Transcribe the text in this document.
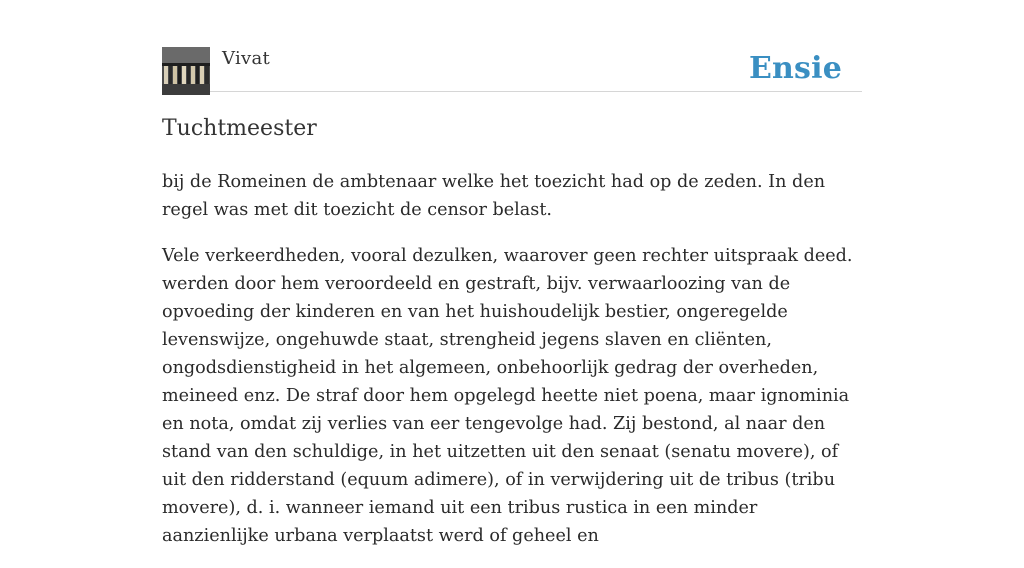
Vivat	Ensie
Tuchtmeester

bij de Romeinen de ambtenaar welke het toezicht had op de zeden. In den regel was met dit toezicht de censor belast.

Vele verkeerdheden, vooral dezulken, waarover geen rechter uitspraak deed. werden door hem veroordeeld en gestraft, bijv. verwaarloozing van de opvoeding der kinderen en van het huishoudelijk bestier, ongeregelde levenswijze, ongehuwde staat, strengheid jegens slaven en cliënten, ongodsdienstigheid in het algemeen, onbehoorlijk gedrag der overheden, meineed enz. De straf door hem opgelegd heette niet poena, maar ignominia en nota, omdat zij verlies van eer tengevolge had. Zij bestond, al naar den stand van den schuldige, in het uitzetten uit den senaat (senatu movere), of uit den ridderstand (equum adimere), of in verwijdering uit de tribus (tribu movere), d. i. wanneer iemand uit een tribus rustica in een minder aanzienlijke urbana verplaatst werd of geheel en
